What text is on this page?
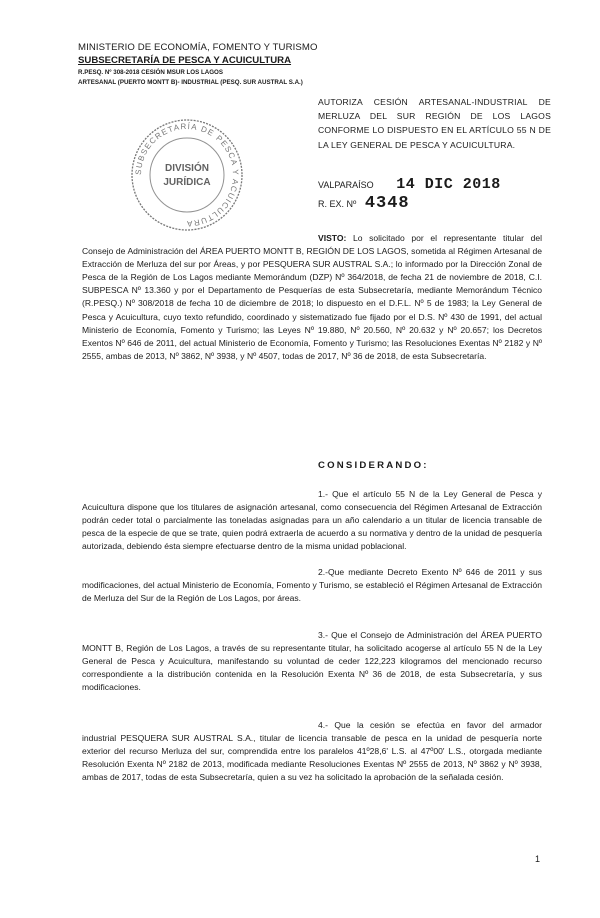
MINISTERIO DE ECONOMÍA, FOMENTO Y TURISMO
SUBSECRETARÍA DE PESCA Y ACUICULTURA
R.PESQ. Nº 308-2018 CESIÓN MSUR LOS LAGOS
ARTESANAL (PUERTO MONTT B)- INDUSTRIAL (PESQ. SUR AUSTRAL S.A.)
AUTORIZA CESIÓN ARTESANAL-INDUSTRIAL DE MERLUZA DEL SUR REGIÓN DE LOS LAGOS CONFORME LO DISPUESTO EN EL ARTÍCULO 55 N DE LA LEY GENERAL DE PESCA Y ACUICULTURA.
SUBSECRETARÍA DE PESCA Y ACUICULTURA
DIVISIÓN
JURÍDICA	VALPARAÍSO 14 DIC 2018
R. EX. Nº 4348
VISTO: Lo solicitado por el representante titular del Consejo de Administración del ÁREA PUERTO MONTT B, REGIÓN DE LOS LAGOS, sometida al Régimen Artesanal de Extracción de Merluza del sur por Áreas, y por PESQUERA SUR AUSTRAL S.A.; lo informado por la Dirección Zonal de Pesca de la Región de Los Lagos mediante Memorándum (DZP) Nº 364/2018, de fecha 21 de noviembre de 2018, C.I. SUBPESCA Nº 13.360 y por el Departamento de Pesquerías de esta Subsecretaría, mediante Memorándum Técnico (R.PESQ.) Nº 308/2018 de fecha 10 de diciembre de 2018; lo dispuesto en el D.F.L. Nº 5 de 1983; la Ley General de Pesca y Acuicultura, cuyo texto refundido, coordinado y sistematizado fue fijado por el D.S. Nº 430 de 1991, del actual Ministerio de Economía, Fomento y Turismo; las Leyes Nº 19.880, Nº 20.560, Nº 20.632 y Nº 20.657; los Decretos Exentos Nº 646 de 2011, del actual Ministerio de Economía, Fomento y Turismo; las Resoluciones Exentas Nº 2182 y Nº 2555, ambas de 2013, Nº 3862, Nº 3938, y Nº 4507, todas de 2017, Nº 36 de 2018, de esta Subsecretaría.
CONSIDERANDO:
1.- Que el artículo 55 N de la Ley General de Pesca y Acuicultura dispone que los titulares de asignación artesanal, como consecuencia del Régimen Artesanal de Extracción podrán ceder total o parcialmente las toneladas asignadas para un año calendario a un titular de licencia transable de pesca de la especie de que se trate, quien podrá extraerla de acuerdo a su normativa y dentro de la unidad de pesquería autorizada, debiendo ésta siempre efectuarse dentro de la misma unidad poblacional.
2.-Que mediante Decreto Exento Nº 646 de 2011 y sus modificaciones, del actual Ministerio de Economía, Fomento y Turismo, se estableció el Régimen Artesanal de Extracción de Merluza del Sur de la Región de Los Lagos, por áreas.
3.- Que el Consejo de Administración del ÁREA PUERTO MONTT B, Región de Los Lagos, a través de su representante titular, ha solicitado acogerse al artículo 55 N de la Ley General de Pesca y Acuicultura, manifestando su voluntad de ceder 122,223 kilogramos del mencionado recurso correspondiente a la distribución contenida en la Resolución Exenta Nº 36 de 2018, de esta Subsecretaría, y sus modificaciones.
4.- Que la cesión se efectúa en favor del armador industrial PESQUERA SUR AUSTRAL S.A., titular de licencia transable de pesca en la unidad de pesquería norte exterior del recurso Merluza del sur, comprendida entre los paralelos 41º28,6' L.S. al 47º00' L.S., otorgada mediante Resolución Exenta Nº 2182 de 2013, modificada mediante Resoluciones Exentas Nº 2555 de 2013, Nº 3862 y Nº 3938, ambas de 2017, todas de esta Subsecretaría, quien a su vez ha solicitado la aprobación de la señalada cesión.
1
